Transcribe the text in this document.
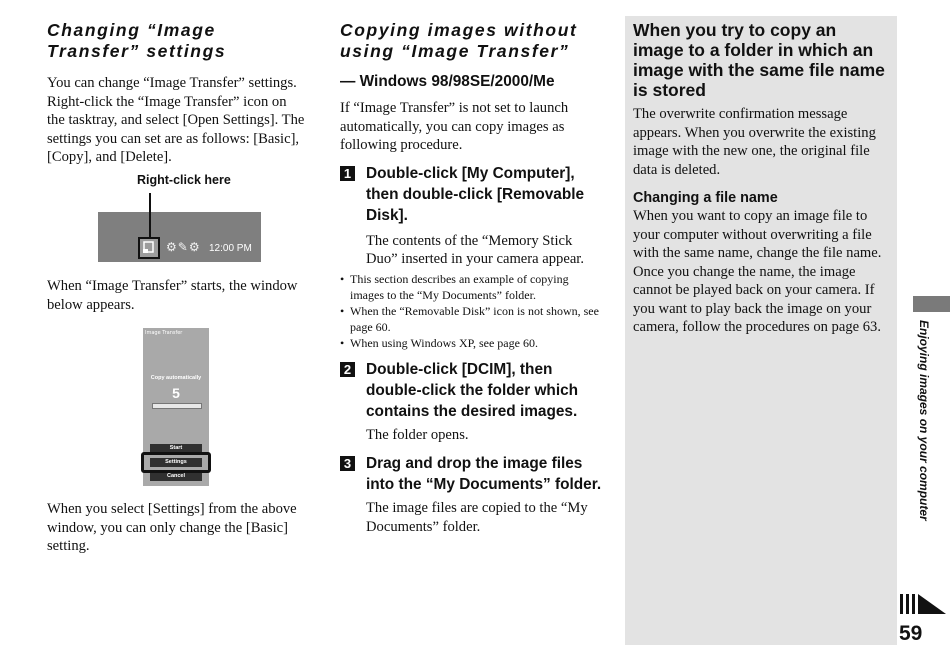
Changing “Image Transfer” settings

You can change “Image Transfer” settings. Right-click the “Image Transfer” icon on the tasktray, and select [Open Settings]. The settings you can set are as follows: [Basic], [Copy], and [Delete].

Right-click here
⚙✎⚙ 12:00 PM
When “Image Transfer” starts, the window below appears.
Image Transfer
Copy automatically
5
Start
Settings
Cancel
When you select [Settings] from the above window, you can only change the [Basic] setting.
Copying images without using “Image Transfer”
— Windows 98/98SE/2000/Me

If “Image Transfer” is not set to launch automatically, you can copy images as following procedure.

1 Double-click [My Computer], then double-click [Removable Disk].

The contents of the “Memory Stick Duo” inserted in your camera appear.

• This section describes an example of copying images to the “My Documents” folder.
• When the “Removable Disk” icon is not shown, see page 60.
• When using Windows XP, see page 60.
2 Double-click [DCIM], then double-click the folder which contains the desired images.

The folder opens.

3 Drag and drop the image files into the “My Documents” folder.

The image files are copied to the “My Documents” folder.

When you try to copy an image to a folder in which an image with the same file name is stored

The overwrite confirmation message appears. When you overwrite the existing image with the new one, the original file data is deleted.

Changing a file name

When you want to copy an image file to your computer without overwriting a file with the same name, change the file name. Once you change the name, the image cannot be played back on your camera. If you want to play back the image on your camera, follow the procedures on page 63.	Enjoying images on your computer
59
